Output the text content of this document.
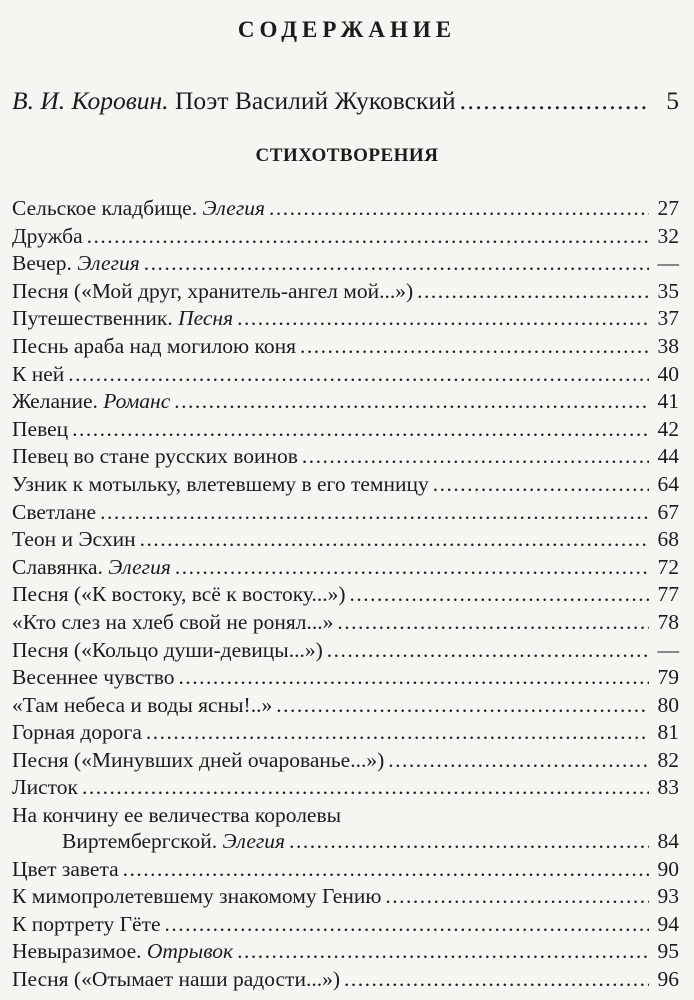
СОДЕРЖАНИЕ
В. И. Коровин. Поэт Василий Жуковский .....	5
СТИХОТВОРЕНИЯ
Сельское кладбище. Элегия .....	27
Дружба .....	32
Вечер. Элегия .....	—
Песня («Мой друг, хранитель-ангел мой...») .....	35
Путешественник. Песня .....	37
Песнь араба над могилою коня .....	38
К ней .....	40
Желание. Романс .....	41
Певец .....	42
Певец во стане русских воинов .....	44
Узник к мотыльку, влетевшему в его темницу .....	64
Светлане .....	67
Теон и Эсхин .....	68
Славянка. Элегия .....	72
Песня («К востоку, всё к востоку...») .....	77
«Кто слез на хлеб свой не ронял...» .....	78
Песня («Кольцо души-девицы...») .....	—
Весеннее чувство .....	79
«Там небеса и воды ясны!..» .....	80
Горная дорога .....	81
Песня («Минувших дней очарованье...») .....	82
Листок .....	83
На кончину ее величества королевы
Виртембергской. Элегия .....	84
Цвет завета .....	90
К мимопролетевшему знакомому Гению .....	93
К портрету Гёте .....	94
Невыразимое. Отрывок .....	95
Песня («Отымает наши радости...») .....	96
